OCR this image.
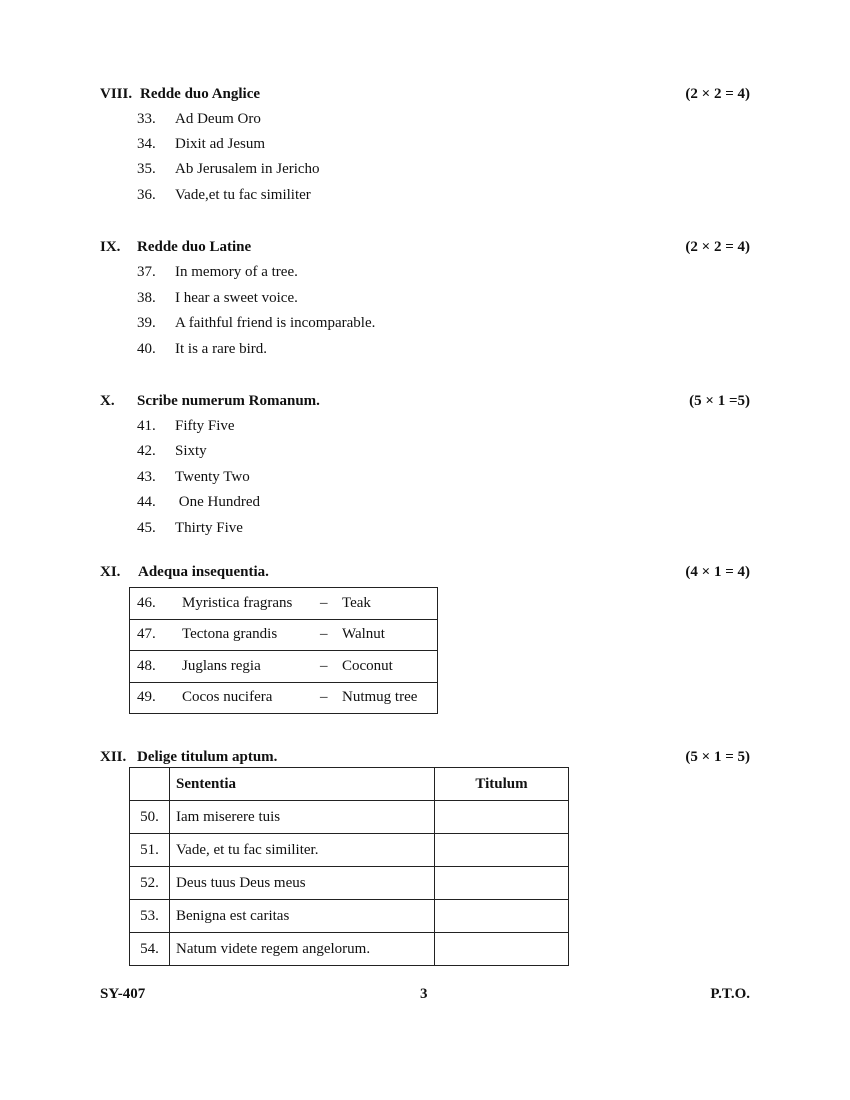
VIII. Redde duo Anglice	(2 × 2 = 4)
33. Ad Deum Oro
34. Dixit ad Jesum
35. Ab Jerusalem in Jericho
36. Vade,et tu fac similiter
IX. Redde duo Latine	(2 × 2 = 4)
37. In memory of a tree.
38. I hear a sweet voice.
39. A faithful friend is incomparable.
40. It is a rare bird.
X. Scribe numerum Romanum.	(5 × 1 =5)
41. Fifty Five
42. Sixty
43. Twenty Two
44. One Hundred
45. Thirty Five
XI. Adequa insequentia.	(4 × 1 = 4)
46. Myristica fragrans – Teak
47. Tectona grandis	– Walnut
48. Juglans regia	– Coconut
49. Cocos nucifera	– Nutmug tree
XII. Delige titulum aptum.	(5 × 1 = 5)
	Sententia	Titulum
50.	Iam miserere tuis	
51.	Vade, et tu fac similiter.	
52.	Deus tuus Deus meus	
53.	Benigna est caritas	
54.	Natum videte regem angelorum.	
SY-407	3	P.T.O.
